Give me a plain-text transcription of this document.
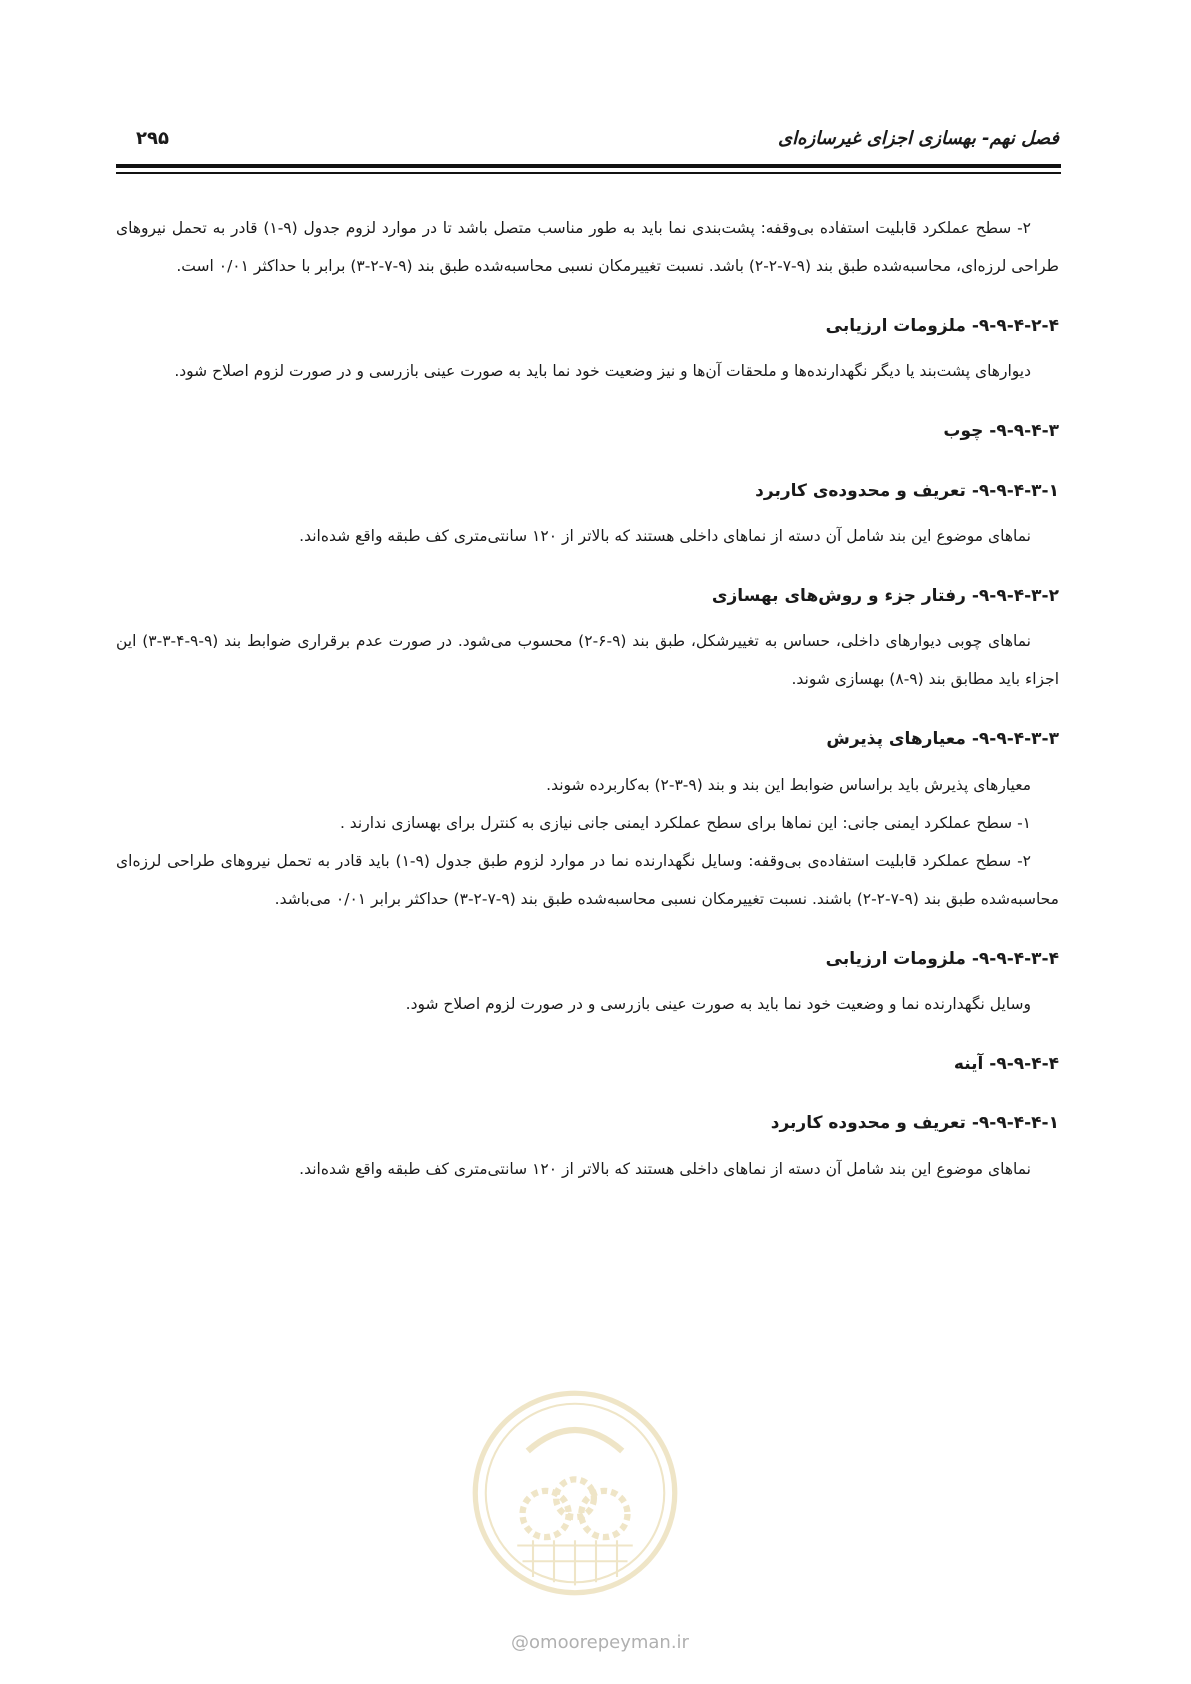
فصل نهم- بهسازی اجزای غیرسازه‌ای
۲۹۵

۲- سطح عملکرد قابلیت استفاده بی‌وقفه: پشت‌بندی نما باید به طور مناسب متصل باشد تا در موارد لزوم جدول (۹-۱) قادر به تحمل نیروهای طراحی لرزه‌ای، محاسبه‌شده طبق بند (۹-۷-۲-۲) باشد. نسبت تغییرمکان نسبی محاسبه‌شده طبق بند (۹-۷-۲-۳) برابر با حداکثر ۰/۰۱ است.

۹-۹-۴-۲-۴- ملزومات ارزیابی

دیوارهای پشت‌بند یا دیگر نگهدارنده‌ها و ملحقات آن‌ها و نیز وضعیت خود نما باید به صورت عینی بازرسی و در صورت لزوم اصلاح شود.

۹-۹-۴-۳- چوب
۹-۹-۴-۳-۱- تعریف و محدوده‌ی کاربرد

نماهای موضوع این بند شامل آن دسته از نماهای داخلی هستند که بالاتر از ۱۲۰ سانتی‌متری کف طبقه واقع شده‌اند.

۹-۹-۴-۳-۲- رفتار جزء و روش‌های بهسازی

نماهای چوبی دیوارهای داخلی، حساس به تغییرشکل، طبق بند (۹-۶-۲) محسوب می‌شود. در صورت عدم برقراری ضوابط بند (۹-۹-۴-۳-۳) این اجزاء باید مطابق بند (۹-۸) بهسازی شوند.

۹-۹-۴-۳-۳- معیارهای پذیرش

معیارهای پذیرش باید براساس ضوابط این بند و بند (۹-۳-۲) به‌کاربرده شوند.

۱- سطح عملکرد ایمنی جانی: این نماها برای سطح عملکرد ایمنی جانی نیازی به کنترل برای بهسازی ندارند .

۲- سطح عملکرد قابلیت استفاده‌ی بی‌وقفه: وسایل نگهدارنده نما در موارد لزوم طبق جدول (۹-۱) باید قادر به تحمل نیروهای طراحی لرزه‌ای محاسبه‌شده طبق بند (۹-۷-۲-۲) باشند. نسبت تغییرمکان نسبی محاسبه‌شده طبق بند (۹-۷-۲-۳) حداکثر برابر ۰/۰۱ می‌باشد.

۹-۹-۴-۳-۴- ملزومات ارزیابی

وسایل نگهدارنده نما و وضعیت خود نما باید به صورت عینی بازرسی و در صورت لزوم اصلاح شود.

۹-۹-۴-۴- آینه
۹-۹-۴-۴-۱- تعریف و محدوده کاربرد

نماهای موضوع این بند شامل آن دسته از نماهای داخلی هستند که بالاتر از ۱۲۰ سانتی‌متری کف طبقه واقع شده‌اند.

@omoorepeyman.ir
